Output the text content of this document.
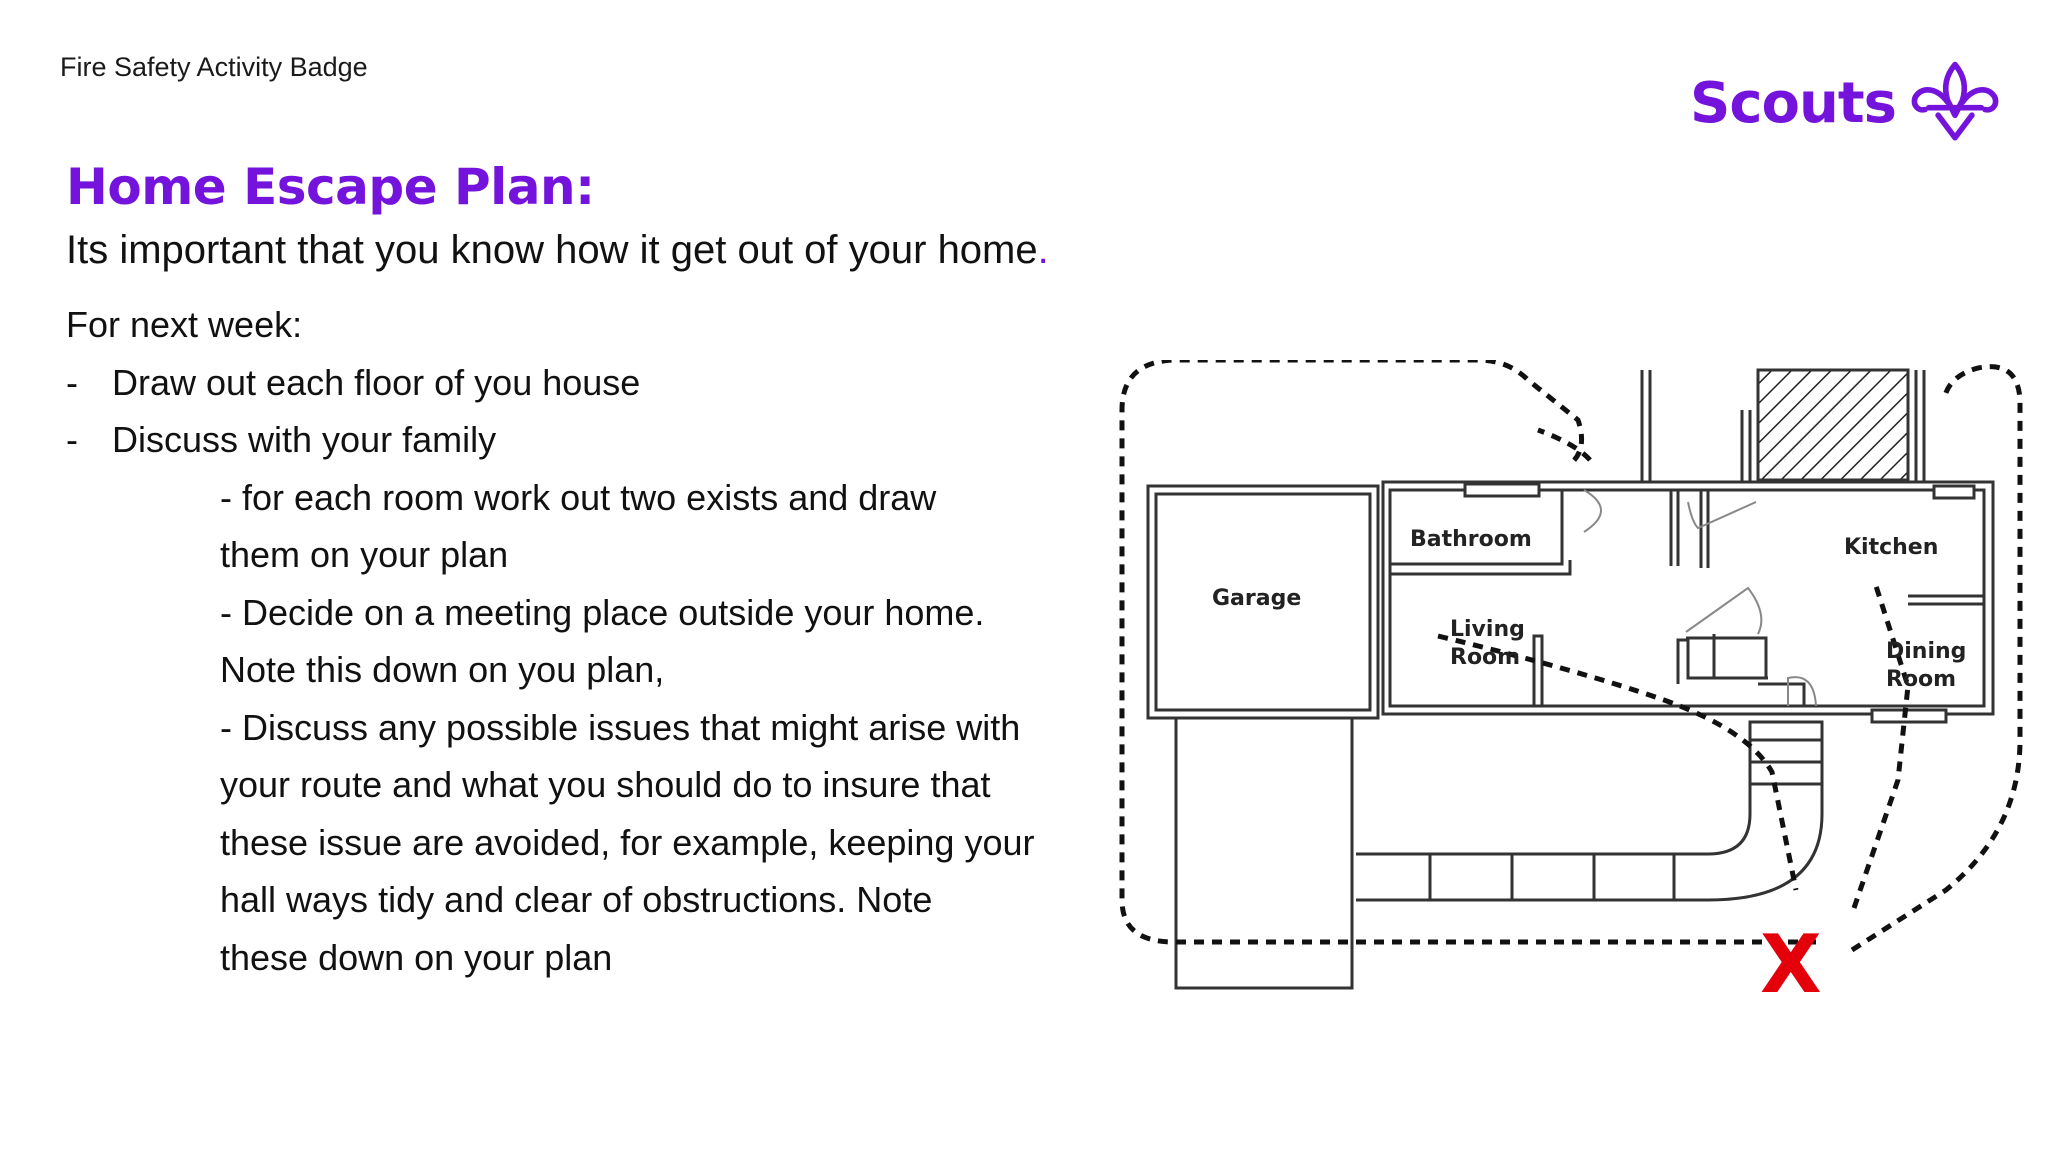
Fire Safety Activity Badge
Scouts
Home Escape Plan:
Its important that you know how it get out of your home.
For next week:
- Draw out each floor of you house
- Discuss with your family
- for each room work out two exists and draw
them on your plan
- Decide on a meeting place outside your home.
Note this down on you plan,
- Discuss any possible issues that might arise with
your route and what you should do to insure that
these issue are avoided, for example, keeping your
hall ways tidy and clear of obstructions. Note
these down on your plan
Garage
Bathroom
Living
Room
Kitchen
Dining
Room
X
